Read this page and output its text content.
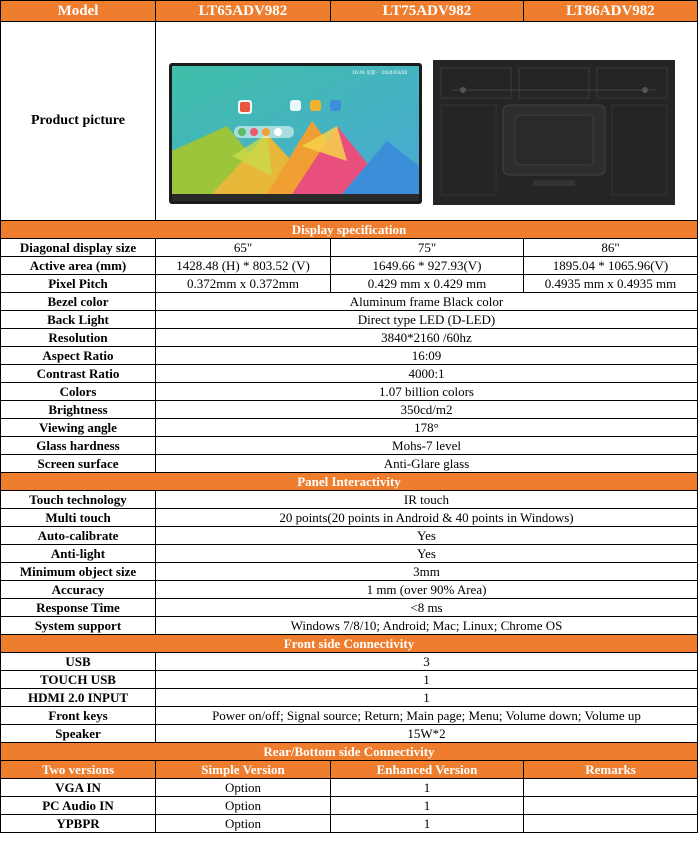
Model	LT65ADV982	LT75ADV982	LT86ADV982
Product picture	16:46 星期一 2024/03/26		

Display specification			
Diagonal display size	65"	75"	86"
Active area (mm)	1428.48 (H) * 803.52 (V)	1649.66 * 927.93(V)	1895.04 * 1065.96(V)
Pixel Pitch	0.372mm x 0.372mm	0.429 mm x 0.429 mm	0.4935 mm x 0.4935 mm
Bezel color	Aluminum frame Black color		
Back Light	Direct type LED (D-LED)		
Resolution	3840*2160 /60hz		
Aspect Ratio	16:09		
Contrast Ratio	4000:1		
Colors	1.07 billion colors		
Brightness	350cd/m2		
Viewing angle	178°		
Glass hardness	Mohs-7 level		
Screen surface	Anti-Glare glass		
Panel Interactivity			
Touch technology	IR touch		
Multi touch	20 points(20 points in Android & 40 points in Windows)		
Auto-calibrate	Yes		
Anti-light	Yes		
Minimum object size	3mm		
Accuracy	1 mm (over 90% Area)		
Response Time	<8 ms		
System support	Windows 7/8/10; Android; Mac; Linux; Chrome OS		
Front side Connectivity			
USB	3		
TOUCH USB	1		
HDMI 2.0 INPUT	1		
Front keys	Power on/off; Signal source; Return; Main page; Menu; Volume down; Volume up		
Speaker	15W*2		
Rear/Bottom side Connectivity			
Two versions	Simple Version	Enhanced Version	Remarks
VGA IN	Option	1	
PC Audio IN	Option	1	
YPBPR	Option	1	
